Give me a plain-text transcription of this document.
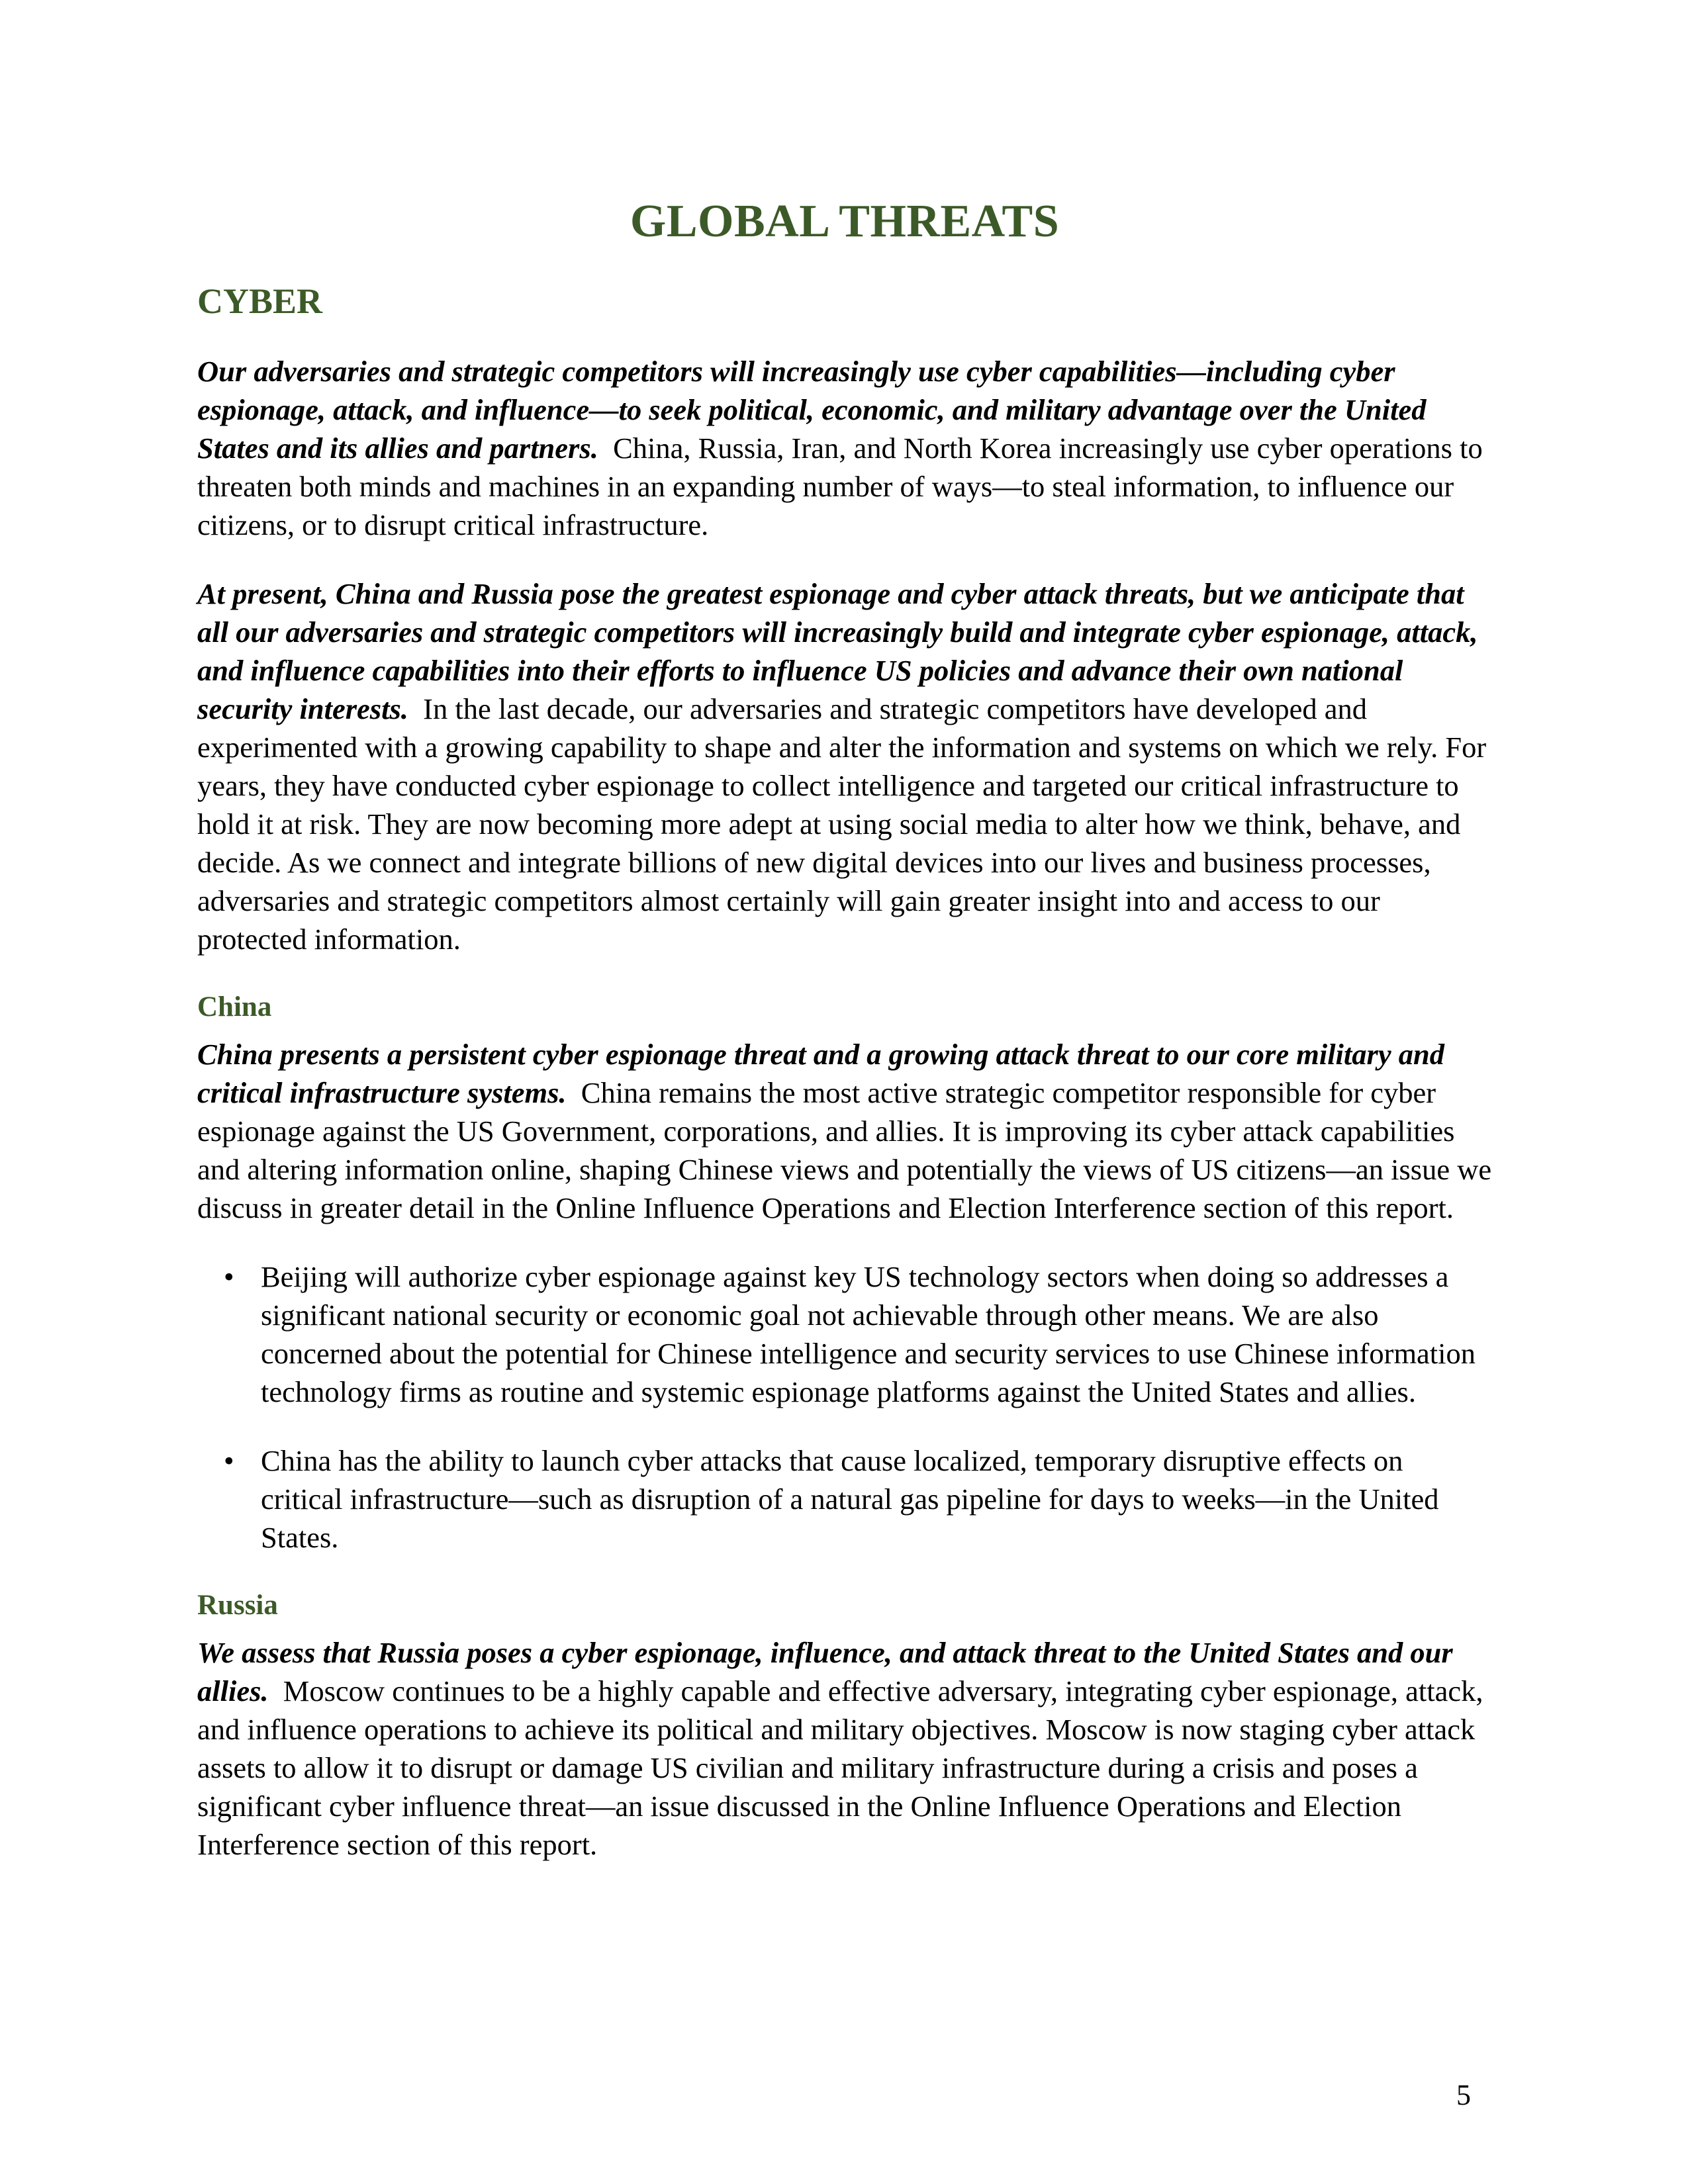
GLOBAL THREATS
CYBER

Our adversaries and strategic competitors will increasingly use cyber capabilities—including cyber espionage, attack, and influence—to seek political, economic, and military advantage over the United States and its allies and partners. China, Russia, Iran, and North Korea increasingly use cyber operations to threaten both minds and machines in an expanding number of ways—to steal information, to influence our citizens, or to disrupt critical infrastructure.

At present, China and Russia pose the greatest espionage and cyber attack threats, but we anticipate that all our adversaries and strategic competitors will increasingly build and integrate cyber espionage, attack, and influence capabilities into their efforts to influence US policies and advance their own national security interests. In the last decade, our adversaries and strategic competitors have developed and experimented with a growing capability to shape and alter the information and systems on which we rely. For years, they have conducted cyber espionage to collect intelligence and targeted our critical infrastructure to hold it at risk. They are now becoming more adept at using social media to alter how we think, behave, and decide. As we connect and integrate billions of new digital devices into our lives and business processes, adversaries and strategic competitors almost certainly will gain greater insight into and access to our protected information.

China

China presents a persistent cyber espionage threat and a growing attack threat to our core military and critical infrastructure systems. China remains the most active strategic competitor responsible for cyber espionage against the US Government, corporations, and allies. It is improving its cyber attack capabilities and altering information online, shaping Chinese views and potentially the views of US citizens—an issue we discuss in greater detail in the Online Influence Operations and Election Interference section of this report.

• Beijing will authorize cyber espionage against key US technology sectors when doing so addresses a significant national security or economic goal not achievable through other means. We are also concerned about the potential for Chinese intelligence and security services to use Chinese information technology firms as routine and systemic espionage platforms against the United States and allies.
• China has the ability to launch cyber attacks that cause localized, temporary disruptive effects on critical infrastructure—such as disruption of a natural gas pipeline for days to weeks—in the United States.
Russia

We assess that Russia poses a cyber espionage, influence, and attack threat to the United States and our allies. Moscow continues to be a highly capable and effective adversary, integrating cyber espionage, attack, and influence operations to achieve its political and military objectives. Moscow is now staging cyber attack assets to allow it to disrupt or damage US civilian and military infrastructure during a crisis and poses a significant cyber influence threat—an issue discussed in the Online Influence Operations and Election Interference section of this report.

5
